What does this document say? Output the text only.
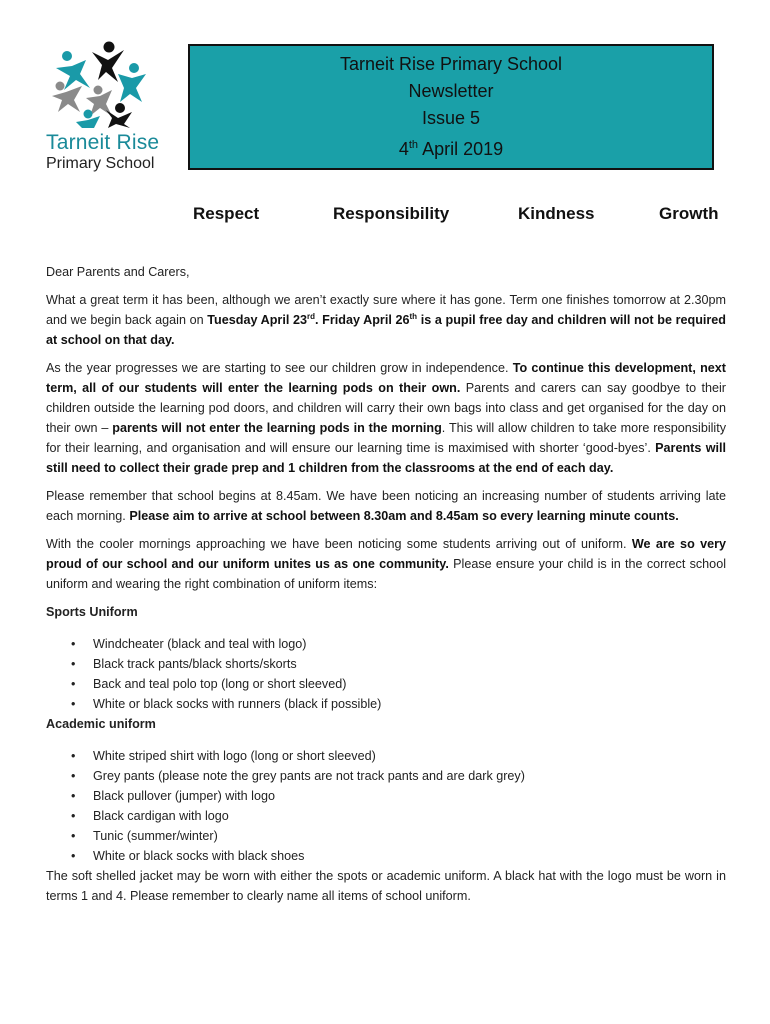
Tarneit Rise
Primary School
Tarneit Rise Primary School
Newsletter
Issue 5
4th April 2019
Respect	Responsibility	Kindness	Growth

Dear Parents and Carers,

What a great term it has been, although we aren’t exactly sure where it has gone. Term one finishes tomorrow at 2.30pm and we begin back again on Tuesday April 23rd. Friday April 26th is a pupil free day and children will not be required at school on that day.

As the year progresses we are starting to see our children grow in independence. To continue this development, next term, all of our students will enter the learning pods on their own. Parents and carers can say goodbye to their children outside the learning pod doors, and children will carry their own bags into class and get organised for the day on their own – parents will not enter the learning pods in the morning. This will allow children to take more responsibility for their learning, and organisation and will ensure our learning time is maximised with shorter ‘good-byes’. Parents will still need to collect their grade prep and 1 children from the classrooms at the end of each day.

Please remember that school begins at 8.45am. We have been noticing an increasing number of students arriving late each morning. Please aim to arrive at school between 8.30am and 8.45am so every learning minute counts.

With the cooler mornings approaching we have been noticing some students arriving out of uniform. We are so very proud of our school and our uniform unites us as one community. Please ensure your child is in the correct school uniform and wearing the right combination of uniform items:

Sports Uniform
• Windcheater (black and teal with logo)
• Black track pants/black shorts/skorts
• Back and teal polo top (long or short sleeved)
• White or black socks with runners (black if possible)
Academic uniform
• White striped shirt with logo (long or short sleeved)
• Grey pants (please note the grey pants are not track pants and are dark grey)
• Black pullover (jumper) with logo
• Black cardigan with logo
• Tunic (summer/winter)
• White or black socks with black shoes

The soft shelled jacket may be worn with either the spots or academic uniform. A black hat with the logo must be worn in terms 1 and 4. Please remember to clearly name all items of school uniform.
